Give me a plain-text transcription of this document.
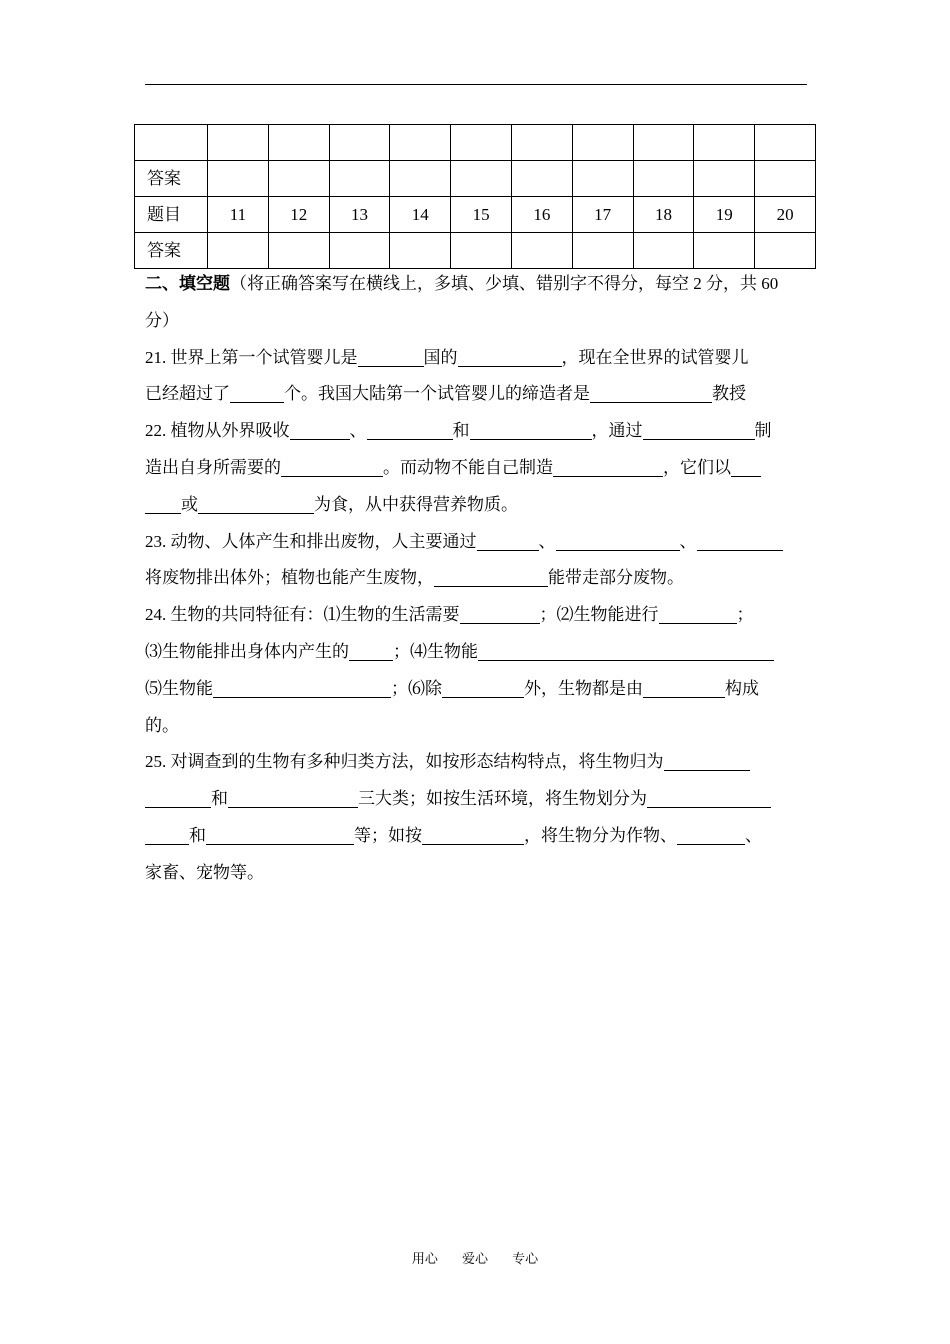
答案										
题目	11	12	13	14	15	16	17	18	19	20
答案										
二、填空题（将正确答案写在横线上，多填、少填、错别字不得分，每空 2 分，共 60
分）
21. 世界上第一个试管婴儿是	国的	，现在全世界的试管婴儿
已经超过了	个。我国大陆第一个试管婴儿的缔造者是	教授
22. 植物从外界吸收	、	和	，通过	制
造出自身所需要的	。而动物不能自己制造	，它们以
或	为食，从中获得营养物质。
23. 动物、人体产生和排出废物，人主要通过	、	、
将废物排出体外；植物也能产生废物，	能带走部分废物。
24. 生物的共同特征有：⑴生物的生活需要	；⑵生物能进行	；
⑶生物能排出身体内产生的	；⑷生物能
⑸生物能	；⑹除	外，生物都是由	构成
的。
25. 对调查到的生物有多种归类方法，如按形态结构特点，将生物归为
和	三大类；如按生活环境，将生物划分为
和	等；如按	，将生物分为作物、	、
家畜、宠物等。
用心 爱心 专心
